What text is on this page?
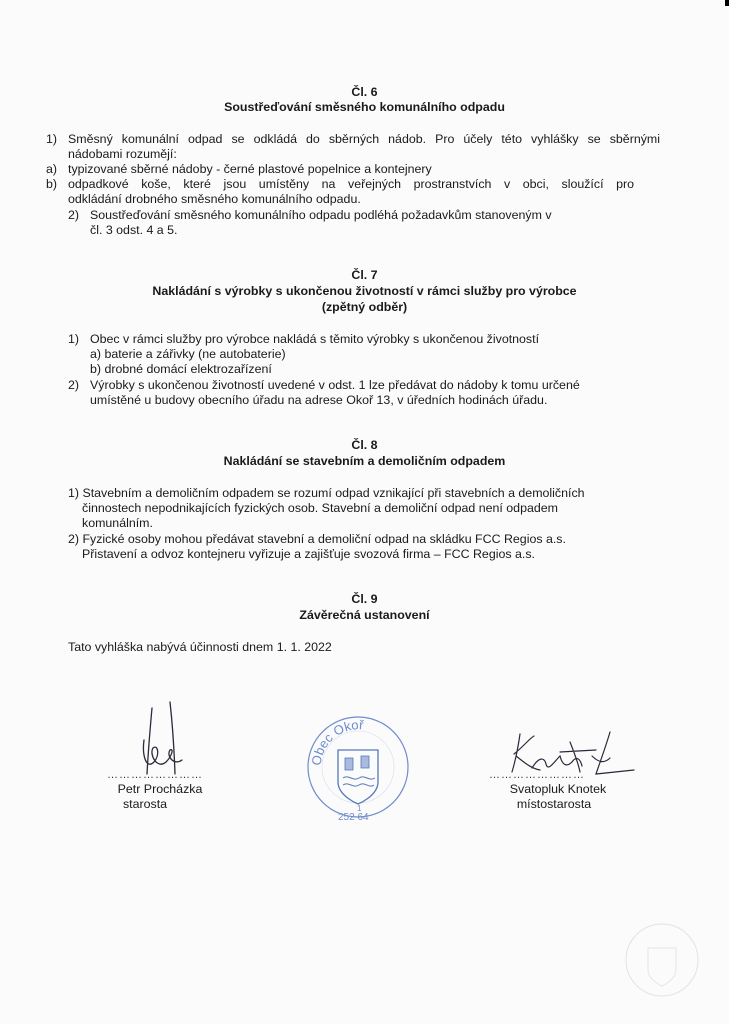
Čl. 6
Soustřeďování směsného komunálního odpadu
1) Směsný komunální odpad se odkládá do sběrných nádob. Pro účely této vyhlášky se sběrnými
nádobami rozumějí:
a) typizované sběrné nádoby - černé plastové popelnice a kontejnery
b) odpadkové koše, které jsou umístěny na veřejných prostranstvích v obci, sloužící pro
odkládání drobného směsného komunálního odpadu.
2) Soustřeďování směsného komunálního odpadu podléhá požadavkům stanoveným v
čl. 3 odst. 4 a 5.
Čl. 7
Nakládání s výrobky s ukončenou životností v rámci služby pro výrobce
(zpětný odběr)
1) Obec v rámci služby pro výrobce nakládá s těmito výrobky s ukončenou životností
a) baterie a zářivky (ne autobaterie)
b) drobné domácí elektrozařízení
2) Výrobky s ukončenou životností uvedené v odst. 1 lze předávat do nádoby k tomu určené
umístěné u budovy obecního úřadu na adrese Okoř 13, v úředních hodinách úřadu.
Čl. 8
Nakládání se stavebním a demoličním odpadem
1) Stavebním a demoličním odpadem se rozumí odpad vznikající při stavebních a demoličních
činnostech nepodnikajících fyzických osob. Stavební a demoliční odpad není odpadem
komunálním.
2) Fyzické osoby mohou předávat stavební a demoliční odpad na skládku FCC Regios a.s.
Přistavení a odvoz kontejneru vyřizuje a zajišťuje svozová firma – FCC Regios a.s.
Čl. 9
Závěrečná ustanovení
Tato vyhláška nabývá účinnosti dnem 1. 1. 2022
……………………
Petr Procházka
starosta
Obec Okoř
1
252 64
……………………
Svatopluk Knotek
místostarosta
